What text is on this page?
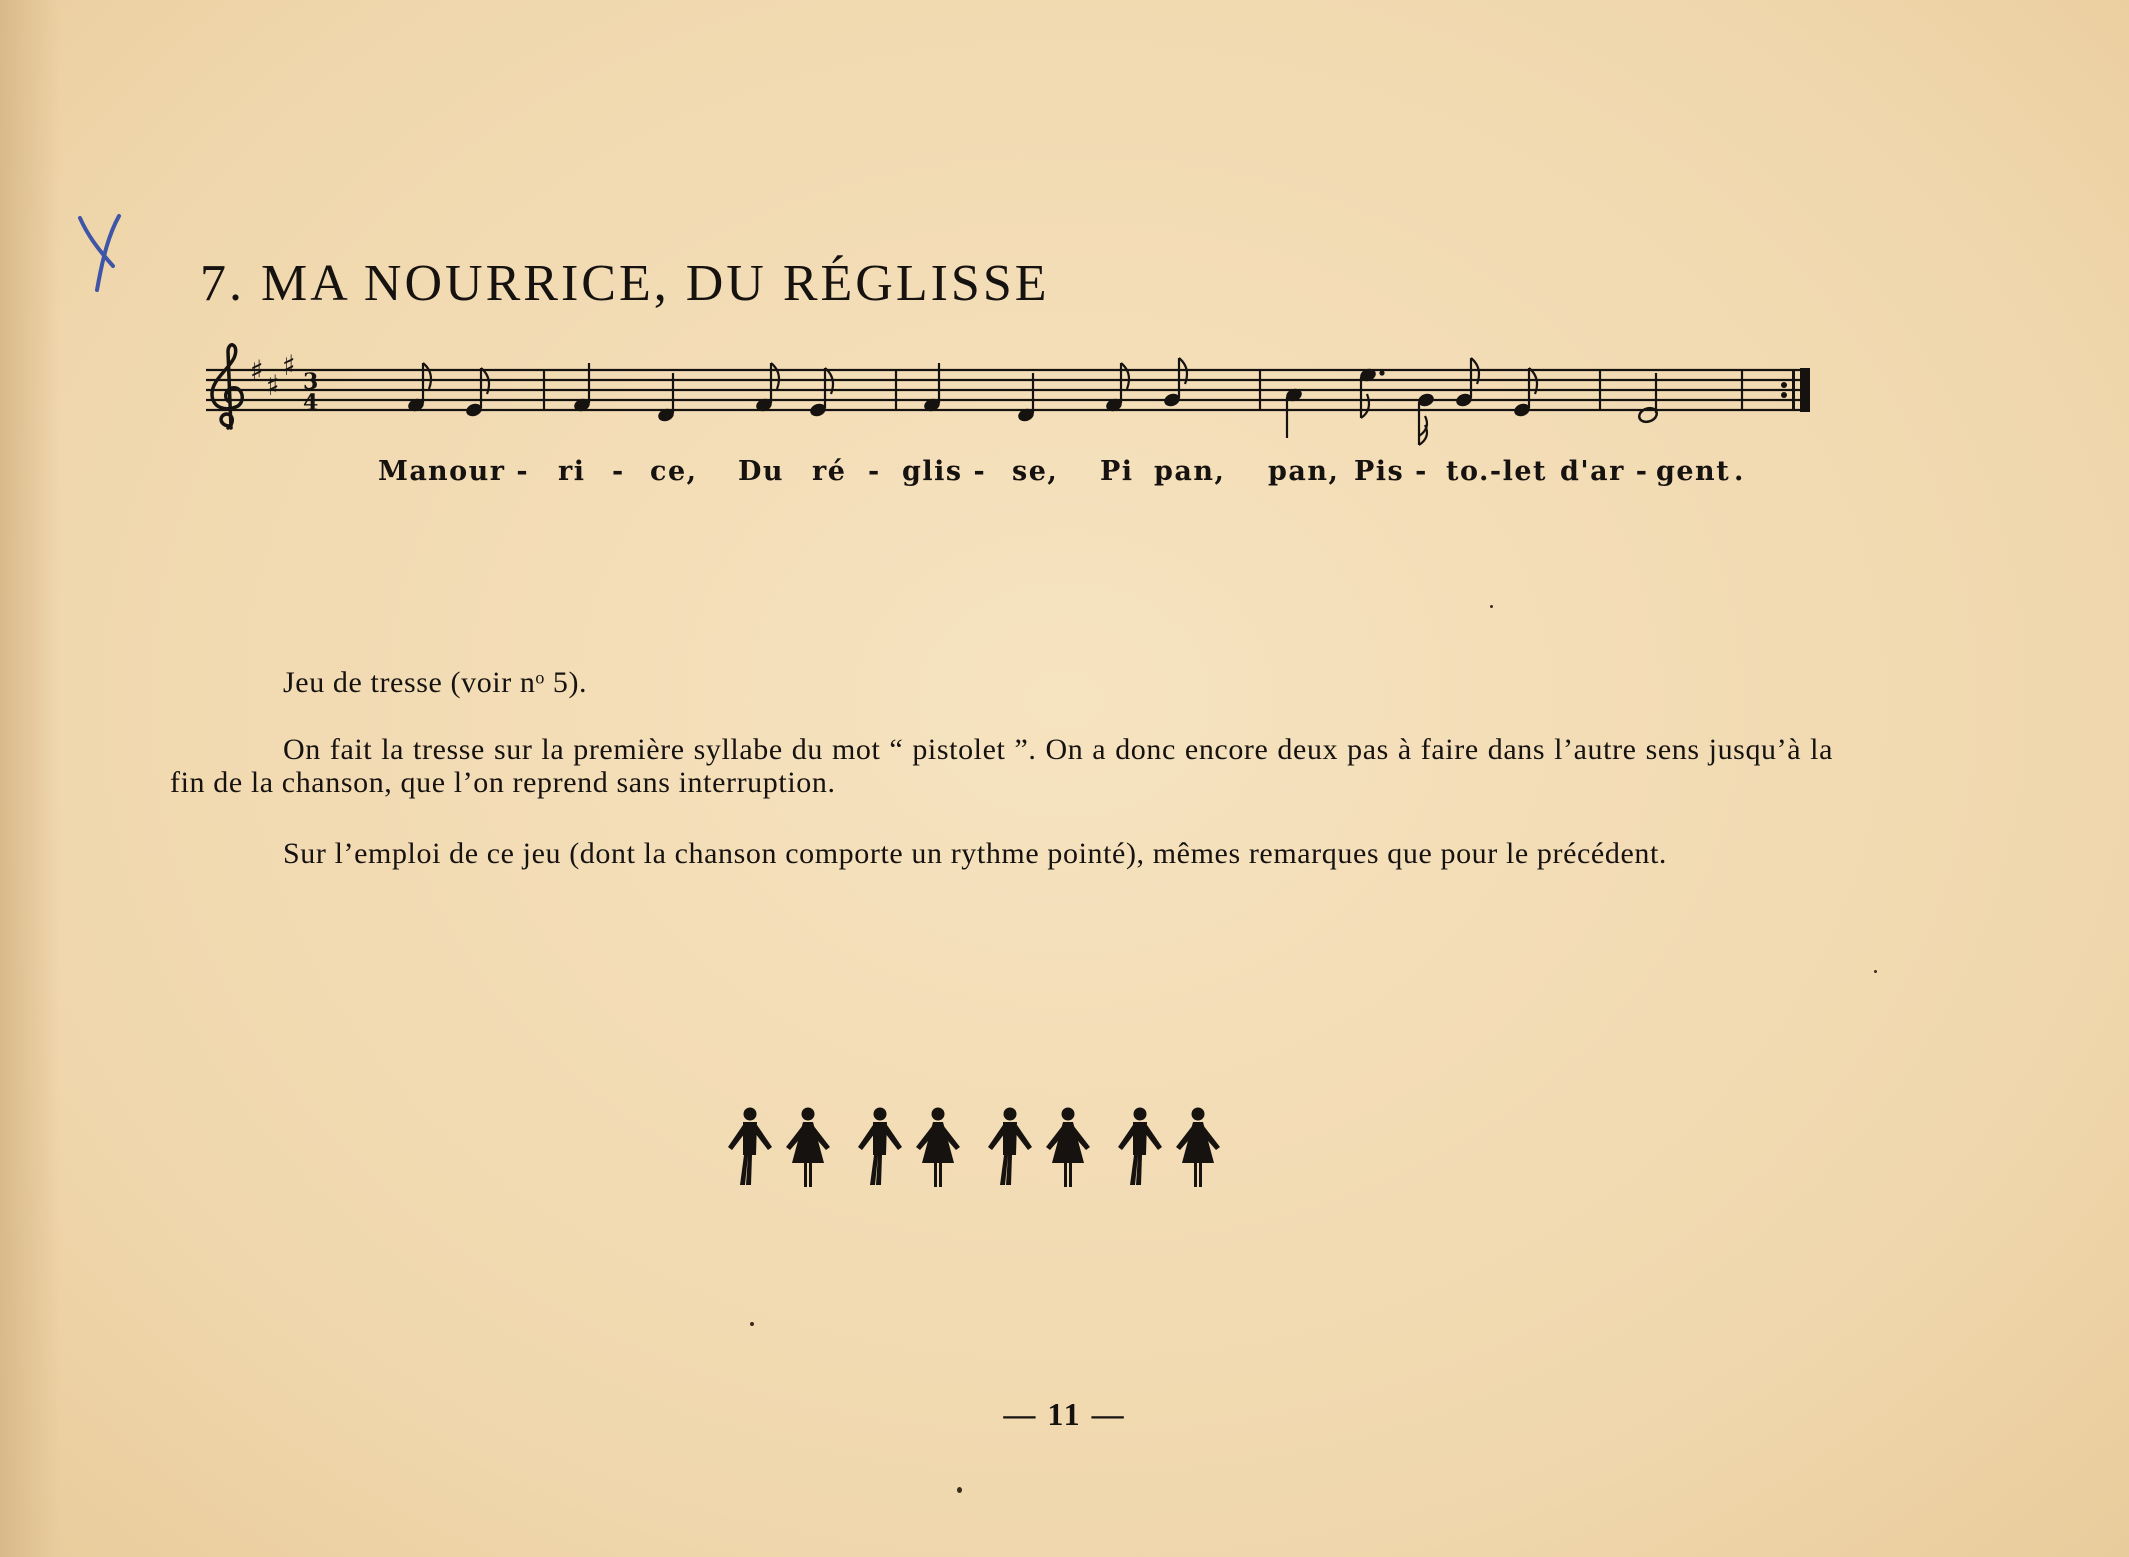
7. MA NOURRICE, DU RÉGLISSE
♯ ♯
♯ 3
4
Ma nour - ri - ce, Du ré - glis - se, Pi pan, pan, Pis - to.-let d'ar - gent .

Jeu de tresse (voir nᵒ 5).

On fait la tresse sur la première syllabe du mot “ pistolet ”. On a donc encore deux pas à faire dans l’autre sens jusqu’à la fin de la chanson, que l’on reprend sans interruption.

Sur l’emploi de ce jeu (dont la chanson comporte un rythme pointé), mêmes remarques que pour le précédent.

— 11 —
